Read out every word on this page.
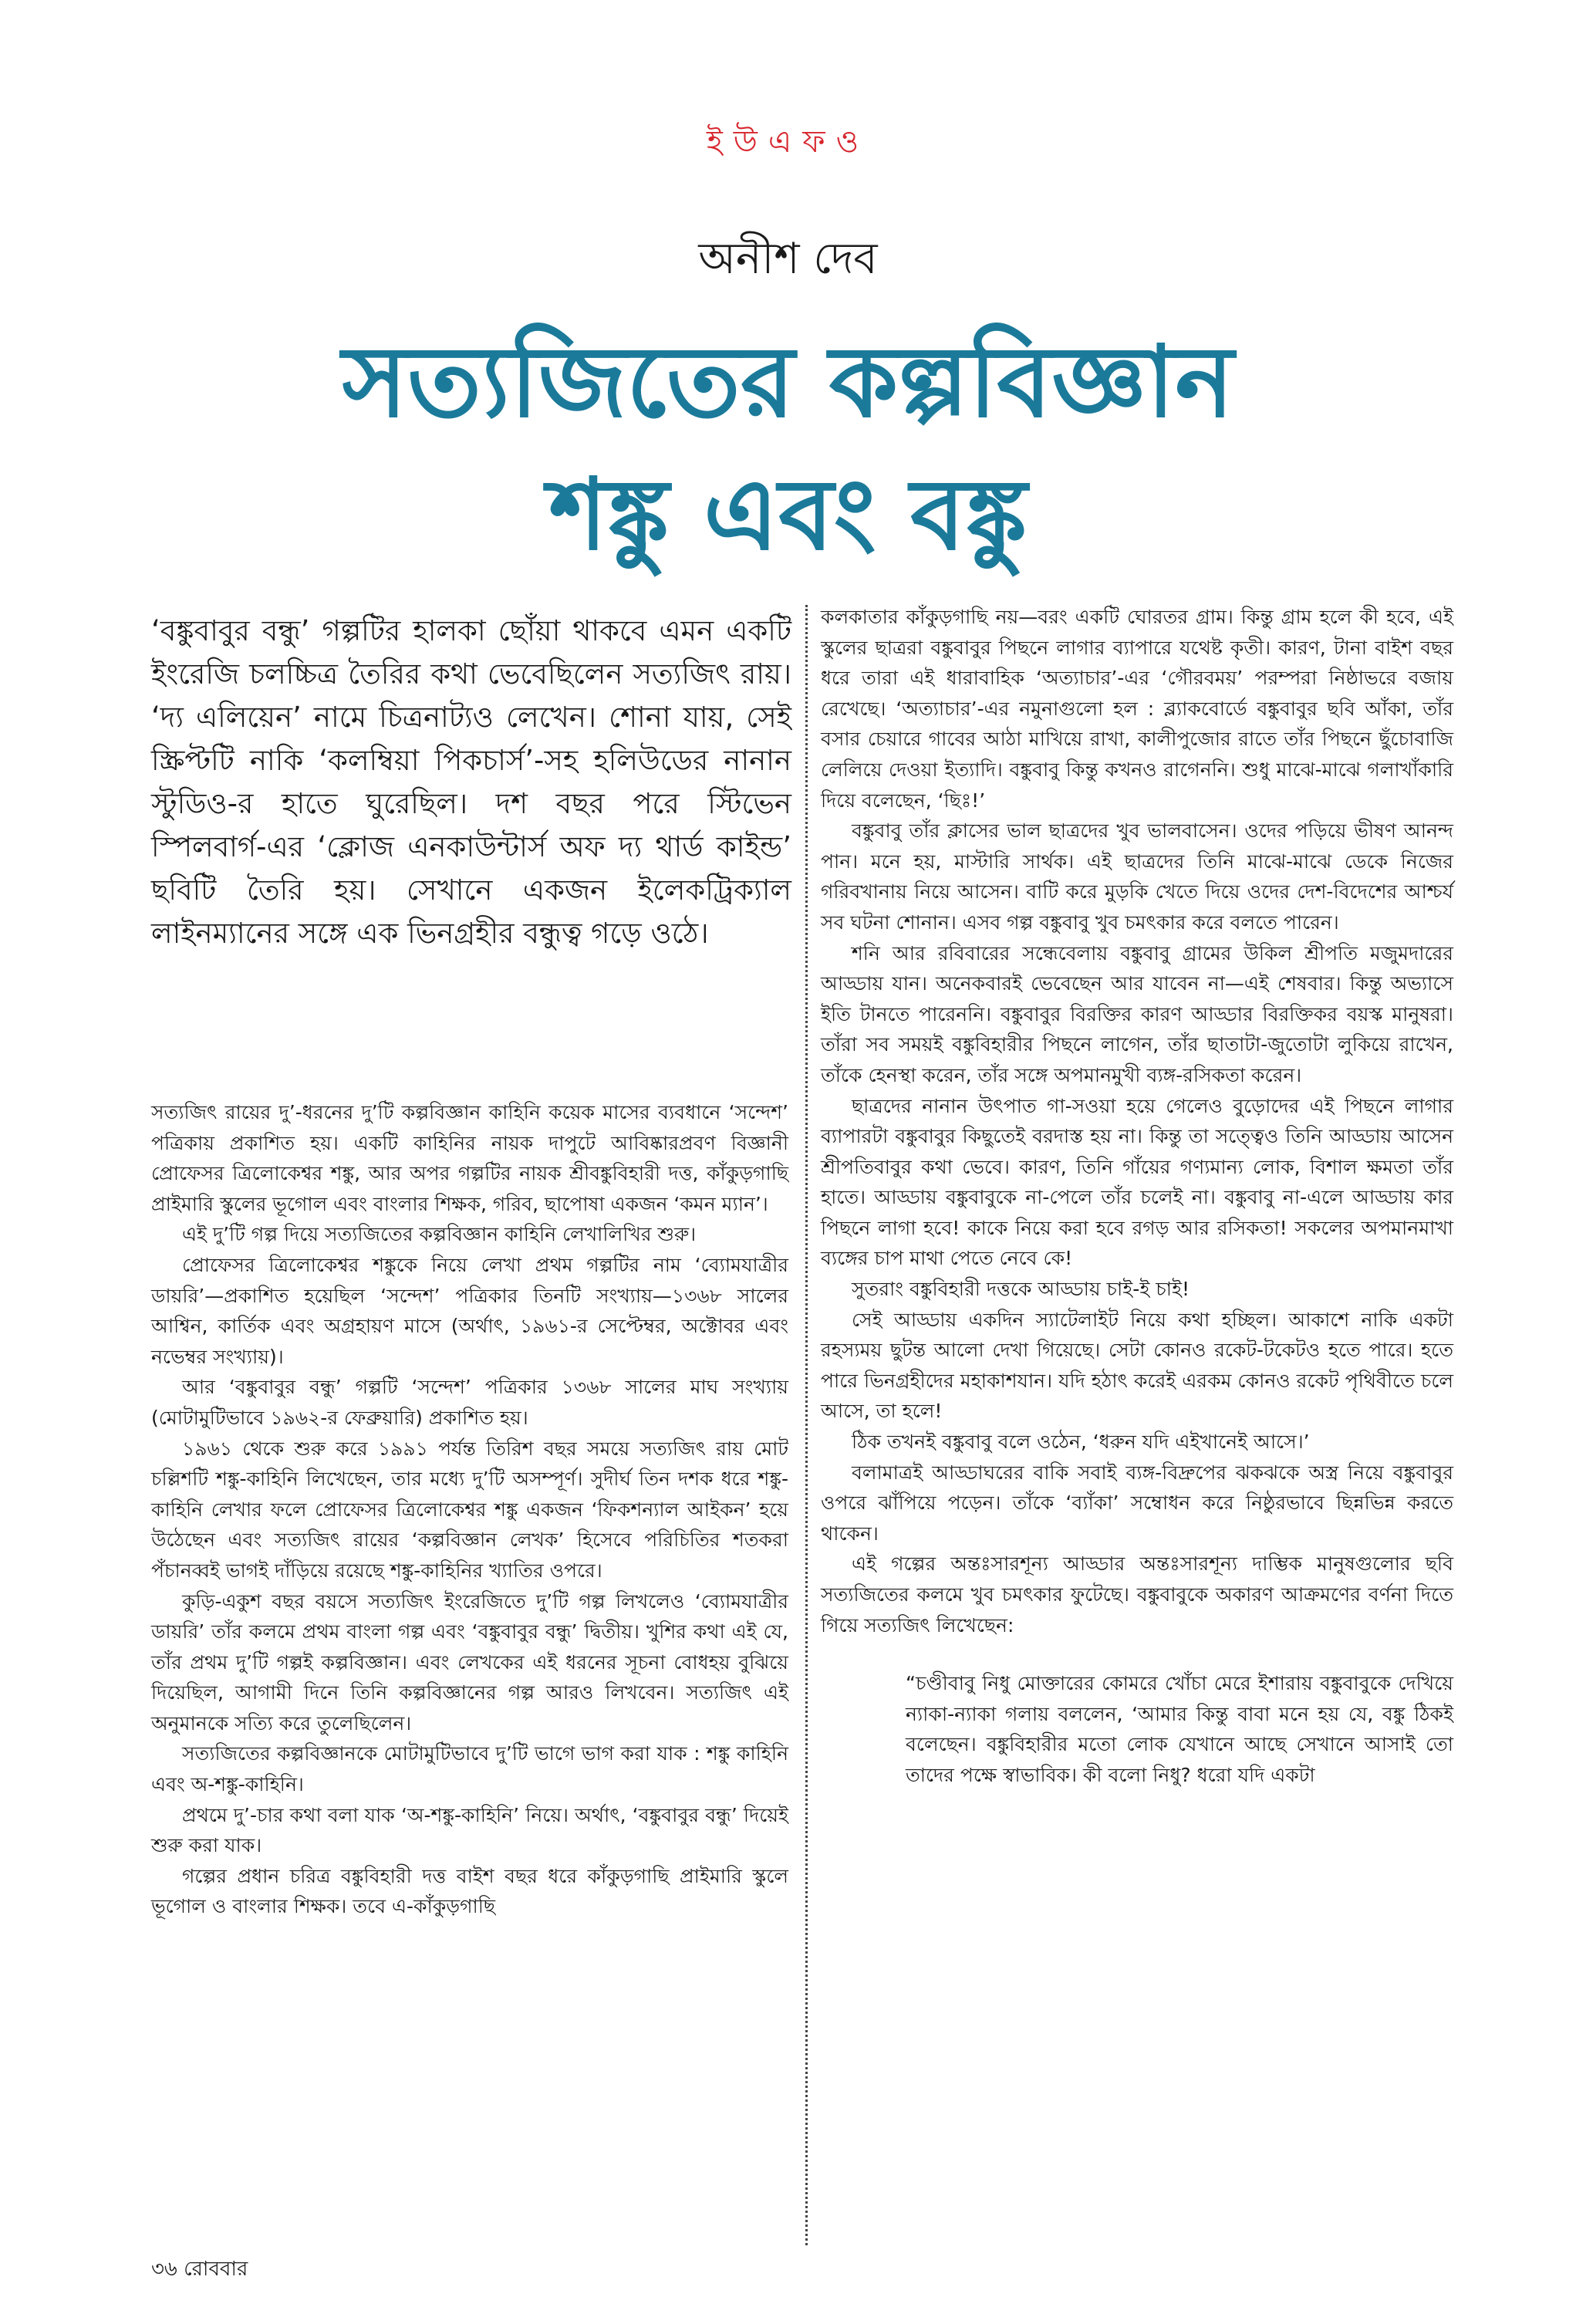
ইউএফও
অনীশ দেব
সত্যজিতের কল্পবিজ্ঞান
শঙ্কু এবং বঙ্কু
‘বঙ্কুবাবুর বন্ধু’ গল্পটির হালকা ছোঁয়া থাকবে এমন একটি ইংরেজি চলচ্চিত্র তৈরির কথা ভেবেছিলেন সত্যজিৎ রায়। ‘দ্য এলিয়েন’ নামে চিত্রনাট্যও লেখেন। শোনা যায়, সেই স্ক্রিপ্টটি নাকি ‘কলম্বিয়া পিকচার্স’-সহ হলিউডের নানান স্টুডিও-র হাতে ঘুরেছিল। দশ বছর পরে স্টিভেন স্পিলবার্গ-এর ‘ক্লোজ এনকাউন্টার্স অফ দ্য থার্ড কাইন্ড’ ছবিটি তৈরি হয়। সেখানে একজন ইলেকট্রিক্যাল লাইনম্যানের সঙ্গে এক ভিনগ্রহীর বন্ধুত্ব গড়ে ওঠে।

সত্যজিৎ রায়ের দু’-ধরনের দু’টি কল্পবিজ্ঞান কাহিনি কয়েক মাসের ব্যবধানে ‘সন্দেশ’ পত্রিকায় প্রকাশিত হয়। একটি কাহিনির নায়ক দাপুটে আবিষ্কারপ্রবণ বিজ্ঞানী প্রোফেসর ত্রিলোকেশ্বর শঙ্কু, আর অপর গল্পটির নায়ক শ্রীবঙ্কুবিহারী দত্ত, কাঁকুড়গাছি প্রাইমারি স্কুলের ভূগোল এবং বাংলার শিক্ষক, গরিব, ছাপোষা একজন ‘কমন ম্যান’।

এই দু’টি গল্প দিয়ে সত্যজিতের কল্পবিজ্ঞান কাহিনি লেখালিখির শুরু।

প্রোফেসর ত্রিলোকেশ্বর শঙ্কুকে নিয়ে লেখা প্রথম গল্পটির নাম ‘ব্যোমযাত্রীর ডায়রি’—প্রকাশিত হয়েছিল ‘সন্দেশ’ পত্রিকার তিনটি সংখ্যায়—১৩৬৮ সালের আশ্বিন, কার্তিক এবং অগ্রহায়ণ মাসে (অর্থাৎ, ১৯৬১-র সেপ্টেম্বর, অক্টোবর এবং নভেম্বর সংখ্যায়)।

আর ‘বঙ্কুবাবুর বন্ধু’ গল্পটি ‘সন্দেশ’ পত্রিকার ১৩৬৮ সালের মাঘ সংখ্যায় (মোটামুটিভাবে ১৯৬২-র ফেব্রুয়ারি) প্রকাশিত হয়।

১৯৬১ থেকে শুরু করে ১৯৯১ পর্যন্ত তিরিশ বছর সময়ে সত্যজিৎ রায় মোট চল্লিশটি শঙ্কু-কাহিনি লিখেছেন, তার মধ্যে দু’টি অসম্পূর্ণ। সুদীর্ঘ তিন দশক ধরে শঙ্কু-কাহিনি লেখার ফলে প্রোফেসর ত্রিলোকেশ্বর শঙ্কু একজন ‘ফিকশন্যাল আইকন’ হয়ে উঠেছেন এবং সত্যজিৎ রায়ের ‘কল্পবিজ্ঞান লেখক’ হিসেবে পরিচিতির শতকরা পঁচানব্বই ভাগই দাঁড়িয়ে রয়েছে শঙ্কু-কাহিনির খ্যাতির ওপরে।

কুড়ি-একুশ বছর বয়সে সত্যজিৎ ইংরেজিতে দু’টি গল্প লিখলেও ‘ব্যোমযাত্রীর ডায়রি’ তাঁর কলমে প্রথম বাংলা গল্প এবং ‘বঙ্কুবাবুর বন্ধু’ দ্বিতীয়। খুশির কথা এই যে, তাঁর প্রথম দু’টি গল্পই কল্পবিজ্ঞান। এবং লেখকের এই ধরনের সূচনা বোধহয় বুঝিয়ে দিয়েছিল, আগামী দিনে তিনি কল্পবিজ্ঞানের গল্প আরও লিখবেন। সত্যজিৎ এই অনুমানকে সত্যি করে তুলেছিলেন।

সত্যজিতের কল্পবিজ্ঞানকে মোটামুটিভাবে দু’টি ভাগে ভাগ করা যাক : শঙ্কু কাহিনি এবং অ-শঙ্কু-কাহিনি।

প্রথমে দু’-চার কথা বলা যাক ‘অ-শঙ্কু-কাহিনি’ নিয়ে। অর্থাৎ, ‘বঙ্কুবাবুর বন্ধু’ দিয়েই শুরু করা যাক।

গল্পের প্রধান চরিত্র বঙ্কুবিহারী দত্ত বাইশ বছর ধরে কাঁকুড়গাছি প্রাইমারি স্কুলে ভূগোল ও বাংলার শিক্ষক। তবে এ-কাঁকুড়গাছি

কলকাতার কাঁকুড়গাছি নয়—বরং একটি ঘোরতর গ্রাম। কিন্তু গ্রাম হলে কী হবে, এই স্কুলের ছাত্ররা বঙ্কুবাবুর পিছনে লাগার ব্যাপারে যথেষ্ট কৃতী। কারণ, টানা বাইশ বছর ধরে তারা এই ধারাবাহিক ‘অত্যাচার’-এর ‘গৌরবময়’ পরম্পরা নিষ্ঠাভরে বজায় রেখেছে। ‘অত্যাচার’-এর নমুনাগুলো হল : ব্ল্যাকবোর্ডে বঙ্কুবাবুর ছবি আঁকা, তাঁর বসার চেয়ারে গাবের আঠা মাখিয়ে রাখা, কালীপুজোর রাতে তাঁর পিছনে ছুঁচোবাজি লেলিয়ে দেওয়া ইত্যাদি। বঙ্কুবাবু কিন্তু কখনও রাগেননি। শুধু মাঝে-মাঝে গলাখাঁকারি দিয়ে বলেছেন, ‘ছিঃ!’

বঙ্কুবাবু তাঁর ক্লাসের ভাল ছাত্রদের খুব ভালবাসেন। ওদের পড়িয়ে ভীষণ আনন্দ পান। মনে হয়, মাস্টারি সার্থক। এই ছাত্রদের তিনি মাঝে-মাঝে ডেকে নিজের গরিবখানায় নিয়ে আসেন। বাটি করে মুড়কি খেতে দিয়ে ওদের দেশ-বিদেশের আশ্চর্য সব ঘটনা শোনান। এসব গল্প বঙ্কুবাবু খুব চমৎকার করে বলতে পারেন।

শনি আর রবিবারের সন্ধেবেলায় বঙ্কুবাবু গ্রামের উকিল শ্রীপতি মজুমদারের আড্ডায় যান। অনেকবারই ভেবেছেন আর যাবেন না—এই শেষবার। কিন্তু অভ্যাসে ইতি টানতে পারেননি। বঙ্কুবাবুর বিরক্তির কারণ আড্ডার বিরক্তিকর বয়স্ক মানুষরা। তাঁরা সব সময়ই বঙ্কুবিহারীর পিছনে লাগেন, তাঁর ছাতাটা-জুতোটা লুকিয়ে রাখেন, তাঁকে হেনস্থা করেন, তাঁর সঙ্গে অপমানমুখী ব্যঙ্গ-রসিকতা করেন।

ছাত্রদের নানান উৎপাত গা-সওয়া হয়ে গেলেও বুড়োদের এই পিছনে লাগার ব্যাপারটা বঙ্কুবাবুর কিছুতেই বরদাস্ত হয় না। কিন্তু তা সত্ত্বেও তিনি আড্ডায় আসেন শ্রীপতিবাবুর কথা ভেবে। কারণ, তিনি গাঁয়ের গণ্যমান্য লোক, বিশাল ক্ষমতা তাঁর হাতে। আড্ডায় বঙ্কুবাবুকে না-পেলে তাঁর চলেই না। বঙ্কুবাবু না-এলে আড্ডায় কার পিছনে লাগা হবে! কাকে নিয়ে করা হবে রগড় আর রসিকতা! সকলের অপমানমাখা ব্যঙ্গের চাপ মাথা পেতে নেবে কে!

সুতরাং বঙ্কুবিহারী দত্তকে আড্ডায় চাই-ই চাই!

সেই আড্ডায় একদিন স্যাটেলাইট নিয়ে কথা হচ্ছিল। আকাশে নাকি একটা রহস্যময় ছুটন্ত আলো দেখা গিয়েছে। সেটা কোনও রকেট-টকেটও হতে পারে। হতে পারে ভিনগ্রহীদের মহাকাশযান। যদি হঠাৎ করেই এরকম কোনও রকেট পৃথিবীতে চলে আসে, তা হলে!

ঠিক তখনই বঙ্কুবাবু বলে ওঠেন, ‘ধরুন যদি এইখানেই আসে।’

বলামাত্রই আড্ডাঘরের বাকি সবাই ব্যঙ্গ-বিদ্রুপের ঝকঝকে অস্ত্র নিয়ে বঙ্কুবাবুর ওপরে ঝাঁপিয়ে পড়েন। তাঁকে ‘ব্যাঁকা’ সম্বোধন করে নিষ্ঠুরভাবে ছিন্নভিন্ন করতে থাকেন।

এই গল্পের অন্তঃসারশূন্য আড্ডার অন্তঃসারশূন্য দাম্ভিক মানুষগুলোর ছবি সত্যজিতের কলমে খুব চমৎকার ফুটেছে। বঙ্কুবাবুকে অকারণ আক্রমণের বর্ণনা দিতে গিয়ে সত্যজিৎ লিখেছেন:

“চণ্ডীবাবু নিধু মোক্তারের কোমরে খোঁচা মেরে ইশারায় বঙ্কুবাবুকে দেখিয়ে ন্যাকা-ন্যাকা গলায় বললেন, ‘আমার কিন্তু বাবা মনে হয় যে, বঙ্কু ঠিকই বলেছেন। বঙ্কুবিহারীর মতো লোক যেখানে আছে সেখানে আসাই তো তাদের পক্ষে স্বাভাবিক। কী বলো নিধু? ধরো যদি একটা

৩৬ রোববার
